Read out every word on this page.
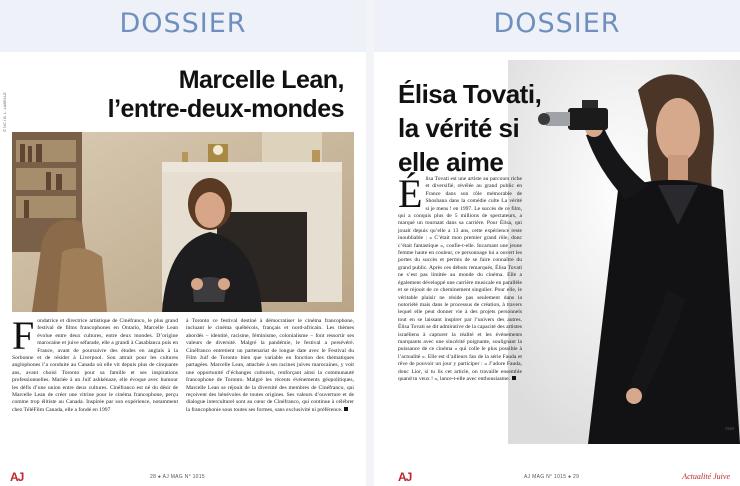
DOSSIER
Marcelle Lean,
l’entre-deux-mondes
© NC / B. L. LABELLE
F ondatrice et directrice artistique de Cinéfranco, le plus grand festival de films francophones en Ontario, Marcelle Lean évolue entre deux cultures, entre deux mondes. D’origine marocaine et juive séfarade, elle a grandi à Casablanca puis en France, avant de poursuivre des études en anglais à la Sorbonne et de résider à Liverpool. Son attrait pour les cultures anglophones l’a conduite au Canada où elle vit depuis plus de cinquante ans, avant choisi Toronto pour sa famille et ses inspirations professionnelles. Mariée à un Juif ashkénaze, elle évoque avec humour les défis d’une union entre deux cultures. Cinéfranco est né du désir de Marcelle Lean de créer une vitrine pour le cinéma francophone, perçu comme trop élitiste au Canada. Inspirée par son expérience, notamment chez TéléFilm Canada, elle a fondé en 1997
à Toronto ce festival destiné à démocratiser le cinéma francophone, incluant le cinéma québécois, français et nord-africain. Les thèmes abordés – identité, racisme, féminisme, colonialisme – font ressortir ses valeurs de diversité. Malgré la pandémie, le festival a persévéré. Cinéfranco entretient un partenariat de longue date avec le Festival du Film Juif de Toronto bien que variable en fonction des thématiques partagées. Marcelle Lean, attachée à ses racines juives marocaines, y voit une opportunité d’échanges culturels, renforçant ainsi la communauté francophone de Toronto. Malgré les récents événements géopolitiques, Marcelle Lean se réjouit de la diversité des membres de Cinéfranco, qui reçoivent des bénévoles de toutes origines. Ses valeurs d’ouverture et de dialogue interculturel sont au cœur de Cinéfranco, qui continue à célébrer la francophonie sous toutes ses formes, sans exclusivité ni préférence.
AJ	28 ● AJ MAG N° 1015
DOSSIER
©DR
Élisa Tovati,
la vérité si
elle aime
É lisa Tovati est une artiste au parcours riche et diversifié, révélée au grand public en France dans son rôle mémorable de Shoshana dans la comédie culte La vérité si je mens ! en 1997. Le succès de ce film, qui a conquis plus de 5 millions de spectateurs, a marqué un tournant dans sa carrière. Pour Élisa, qui jouait depuis qu’elle a 13 ans, cette expérience reste inoubliable : « C’était mon premier grand rôle, donc c’était fantastique », confie-t-elle. Incarnant une jeune femme haute en couleur, ce personnage lui a ouvert les portes du succès et permis de se faire connaître du grand public. Après ces débuts remarqués, Élisa Tovati ne s’est pas limitée au monde du cinéma. Elle a également développé une carrière musicale en parallèle et se réjouit de ce cheminement singulier. Pour elle, le véritable plaisir ne réside pas seulement dans la notoriété mais dans le processus de création, à travers lequel elle peut donner vie à des projets personnels tout en se laissant inspirer par l’univers des autres. Élisa Tovati se dit admirative de la capacité des artistes israéliens à capturer la réalité et les événements marquants avec une sincérité poignante, soulignant la puissance de ce cinéma « qui colle le plus possible à l’actualité ». Elle est d’ailleurs fan de la série Fauda et rêve de pouvoir un jour y participer : « J’adore Fauda, donc Lior, si tu lis cet article, on travaille ensemble quand tu veux ! », lance-t-elle avec enthousiasme.
AJ	AJ MAG N° 1015 ● 29	Actualité Juive
